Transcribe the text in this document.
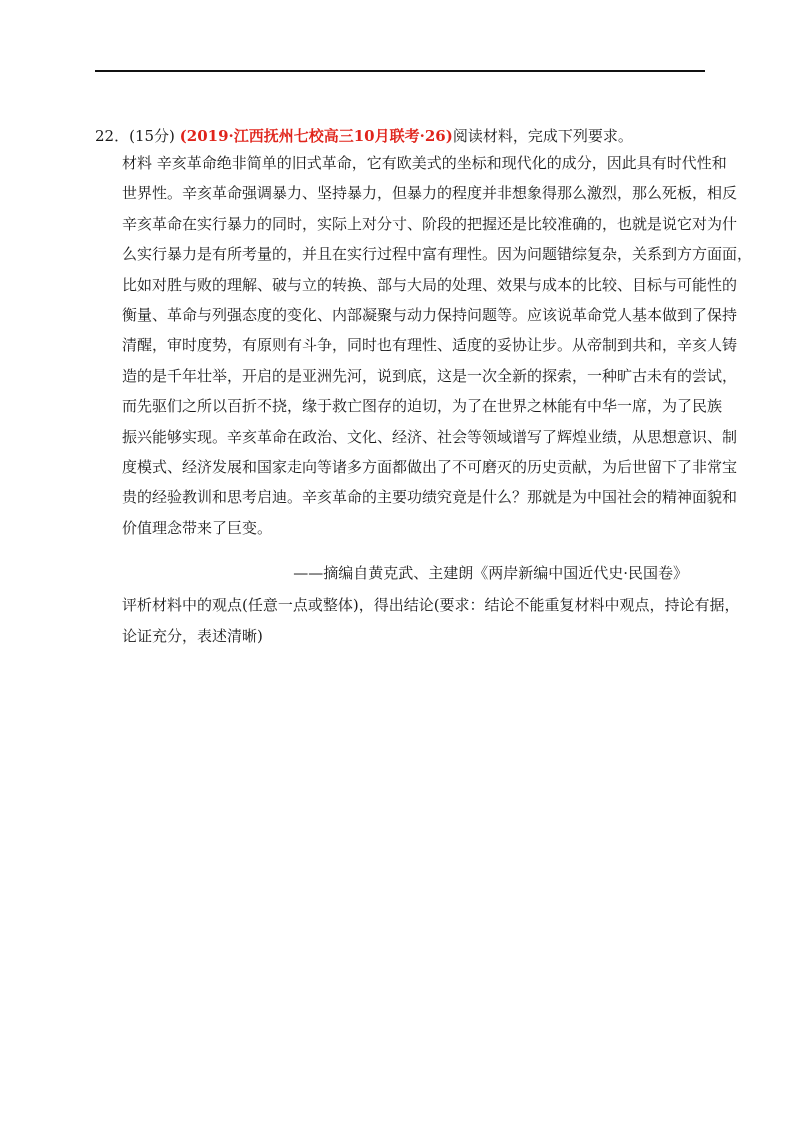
22．(15分) (2019·江西抚州七校高三10月联考·26)阅读材料，完成下列要求。
材料 辛亥革命绝非简单的旧式革命，它有欧美式的坐标和现代化的成分，因此具有时代性和
世界性。辛亥革命强调暴力、坚持暴力，但暴力的程度并非想象得那么激烈，那么死板，相反
辛亥革命在实行暴力的同时，实际上对分寸、阶段的把握还是比较准确的，也就是说它对为什
么实行暴力是有所考量的，并且在实行过程中富有理性。因为问题错综复杂，关系到方方面面，
比如对胜与败的理解、破与立的转换、部与大局的处理、效果与成本的比较、目标与可能性的
衡量、革命与列强态度的变化、内部凝聚与动力保持问题等。应该说革命党人基本做到了保持
清醒，审时度势，有原则有斗争，同时也有理性、适度的妥协让步。从帝制到共和，辛亥人铸
造的是千年壮举，开启的是亚洲先河，说到底，这是一次全新的探索，一种旷古未有的尝试，
而先驱们之所以百折不挠，缘于救亡图存的迫切，为了在世界之林能有中华一席，为了民族
振兴能够实现。辛亥革命在政治、文化、经济、社会等领域谱写了辉煌业绩，从思想意识、制
度模式、经济发展和国家走向等诸多方面都做出了不可磨灭的历史贡献，为后世留下了非常宝
贵的经验教训和思考启迪。辛亥革命的主要功绩究竟是什么？那就是为中国社会的精神面貌和
价值理念带来了巨变。
——摘编自黄克武、主建朗《两岸新编中国近代史·民国卷》
评析材料中的观点(任意一点或整体)，得出结论(要求：结论不能重复材料中观点，持论有据，
论证充分，表述清晰)
